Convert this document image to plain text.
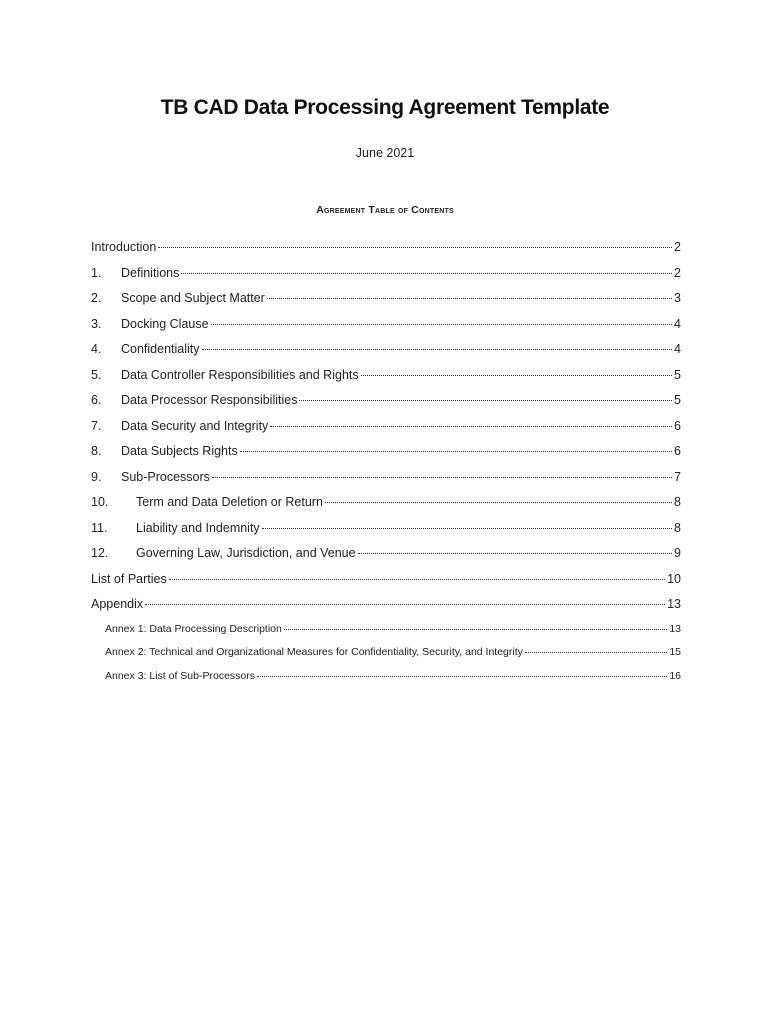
TB CAD Data Processing Agreement Template
June 2021
Agreement Table of Contents
Introduction	2
1.	Definitions	2
2.	Scope and Subject Matter	3
3.	Docking Clause	4
4.	Confidentiality	4
5.	Data Controller Responsibilities and Rights	5
6.	Data Processor Responsibilities	5
7.	Data Security and Integrity	6
8.	Data Subjects Rights	6
9.	Sub-Processors	7
10.	Term and Data Deletion or Return	8
11.	Liability and Indemnity	8
12.	Governing Law, Jurisdiction, and Venue	9
List of Parties	10
Appendix	13
Annex 1: Data Processing Description	13
Annex 2: Technical and Organizational Measures for Confidentiality, Security, and Integrity	15
Annex 3: List of Sub-Processors	16
